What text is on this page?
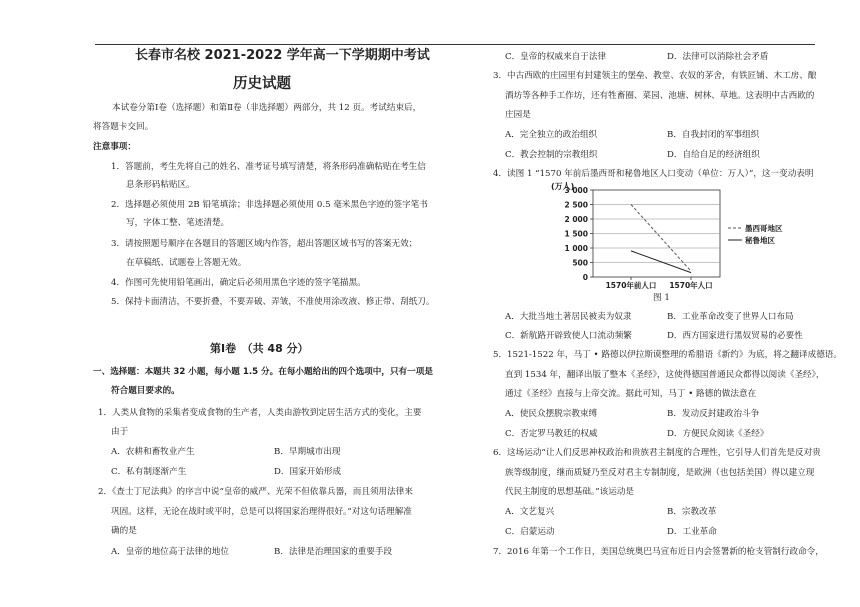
长春市名校 2021-2022 学年高一下学期期中考试
历史试题
本试卷分第Ⅰ卷（选择题）和第Ⅱ卷（非选择题）两部分，共 12 页。考试结束后，
将答题卡交回。
注意事项：
1．答题前，考生先将自己的姓名、准考证号填写清楚，将条形码准确粘贴在考生信
息条形码粘贴区。
2．选择题必须使用 2B 铅笔填涂；非选择题必须使用 0.5 毫米黑色字迹的签字笔书
写，字体工整、笔迹清楚。
3．请按照题号顺序在各题目的答题区域内作答，超出答题区域书写的答案无效；
在草稿纸、试题卷上答题无效。
4．作图可先使用铅笔画出，确定后必须用黑色字迹的签字笔描黑。
5．保持卡面清洁，不要折叠，不要弄破、弄皱，不准使用涂改液、修正带、刮纸刀。
第Ⅰ卷　（共 48 分）
一、选择题：本题共 32 小题，每小题 1.5 分。在每小题给出的四个选项中，只有一项是
符合题目要求的。
1．人类从食物的采集者变成食物的生产者，人类由游牧到定居生活方式的变化，主要
由于
A．农耕和畜牧业产生	B．早期城市出现
C．私有制逐渐产生	D．国家开始形成
2．《查士丁尼法典》的序言中说“皇帝的威严、光荣不但依靠兵器，而且须用法律来
巩固。这样，无论在战时或平时，总是可以将国家治理得很好。”对这句话理解准
确的是
A．皇帝的地位高于法律的地位	B．法律是治理国家的重要手段
C．皇帝的权威来自于法律	D．法律可以消除社会矛盾
3．中古西欧的庄园里有封建领主的堡垒、教堂、农奴的茅舍，有铁匠铺、木工房、酿
酒坊等各种手工作坊，还有牲畜圈、菜园、池塘、树林、草地。这表明中古西欧的
庄园是
A．完全独立的政治组织	B．自我封闭的军事组织
C．教会控制的宗教组织	D．自给自足的经济组织
4．读图 1 “1570 年前后墨西哥和秘鲁地区人口变动（单位：万人）”，这一变动表明
(万人)
0
500
1 000
1 500
2 000
2 500
3 000
1570年前人口 1570年人口
墨西哥地区
秘鲁地区
图 1
A．大批当地土著居民被卖为奴隶	B．工业革命改变了世界人口布局
C．新航路开辟致使人口流动频繁	D．西方国家进行黑奴贸易的必要性
5．1521-1522 年，马丁 • 路德以伊拉斯谟整理的希腊语《新约》为底，将之翻译成德语。
直到 1534 年，翻译出版了整本《圣经》，这使得德国普通民众都得以阅读《圣经》，
通过《圣经》直接与上帝交流。据此可知，马丁 • 路德的做法意在
A．使民众摆脱宗教束缚	B．发动反封建政治斗争
C．否定罗马教廷的权威	D．方便民众阅读《圣经》
6．这场运动“让人们反思神权政治和贵族君主制度的合理性，它引导人们首先是反对贵
族等级制度，继而质疑乃至反对君主专制制度，是欧洲（也包括美国）得以建立现
代民主制度的思想基础。”该运动是
A．文艺复兴	B．宗教改革
C．启蒙运动	D．工业革命
7．2016 年第一个工作日，美国总统奥巴马宣布近日内会签署新的枪支管制行政命令，
